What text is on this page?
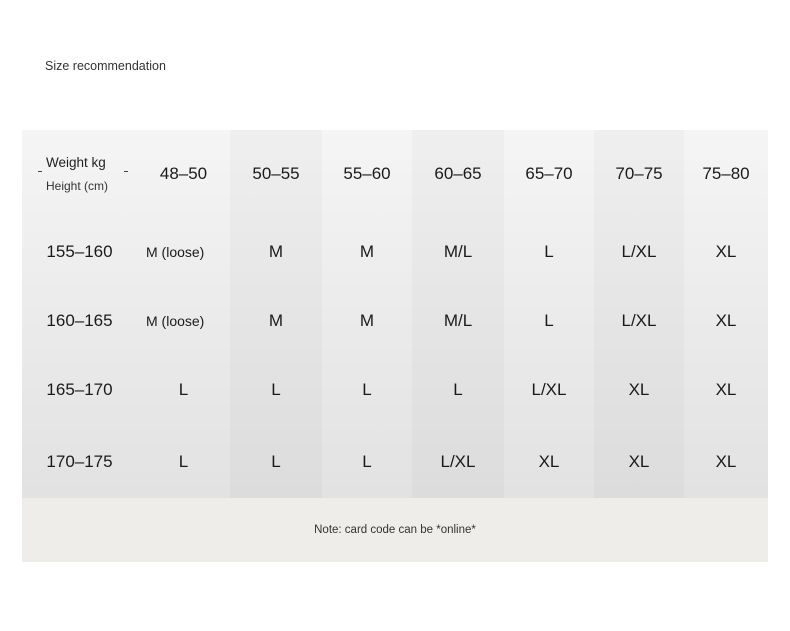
Size recommendation
Weight kg
Height (cm)
48–50	50–55	55–60	60–65	65–70	70–75	75–80
155–160	M (loose)	M	M	M/L	L	L/XL	XL
160–165	M (loose)	M	M	M/L	L	L/XL	XL
165–170	L	L	L	L	L/XL	XL	XL
170–175	L	L	L	L/XL	XL	XL	XL
Note: card code can be *online*
